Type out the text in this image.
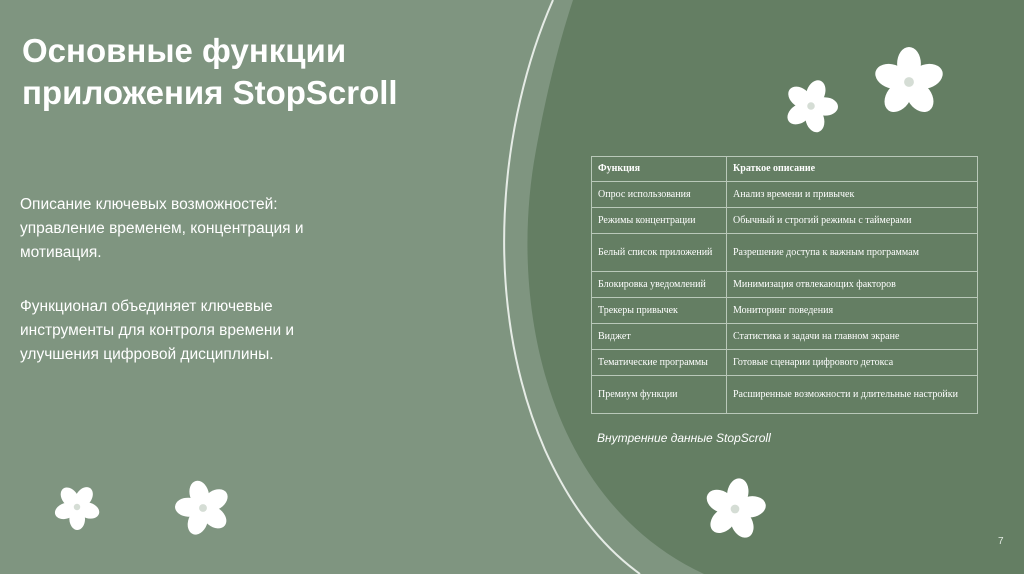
Основные функции приложения StopScroll

Описание ключевых возможностей: управление временем, концентрация и мотивация.

Функционал объединяет ключевые инструменты для контроля времени и улучшения цифровой дисциплины.

Функция	Краткое описание
Опрос использования	Анализ времени и привычек
Режимы концентрации	Обычный и строгий режимы с таймерами
Белый список приложений	Разрешение доступа к важным программам
Блокировка уведомлений	Минимизация отвлекающих факторов
Трекеры привычек	Мониторинг поведения
Виджет	Статистика и задачи на главном экране
Тематические программы	Готовые сценарии цифрового детокса
Премиум функции	Расширенные возможности и длительные настройки

Внутренние данные StopScroll

7
